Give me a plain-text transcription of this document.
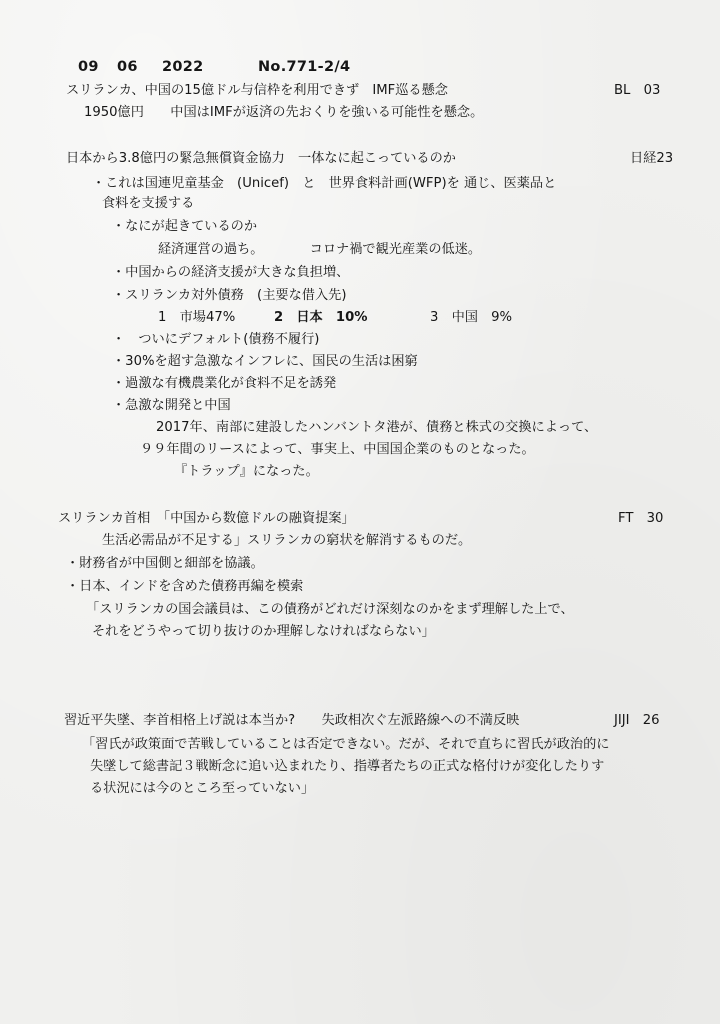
09 06 2022	No.771-2/4
スリランカ、中国の15億ドル与信枠を利用できず　IMF巡る懸念	BL　03
1950億円　　中国はIMFが返済の先おくりを強いる可能性を懸念。
日本から3.8億円の緊急無償資金協力　一体なに起こっているのか	日経23
・これは国連児童基金　(Unicef)　と　世界食料計画(WFP)を 通じ、医薬品と
食料を支援する
・なにが起きているのか
経済運営の過ち。　　　　コロナ禍で観光産業の低迷。
・中国からの経済支援が大きな負担増、
・スリランカ対外債務　(主要な借入先)
1　市場47%	2　日本　10%	3　中国　9%
・　ついにデフォルト(債務不履行)
・30%を超す急激なインフレに、国民の生活は困窮
・過激な有機農業化が食料不足を誘発
・急激な開発と中国
2017年、南部に建設したハンバントタ港が、債務と株式の交換によって、
９９年間のリースによって、事実上、中国国企業のものとなった。
『トラップ』になった。
スリランカ首相　「中国から数億ドルの融資提案」	FT　30
生活必需品が不足する」スリランカの窮状を解消するものだ。
・財務省が中国側と細部を協議。
・日本、インドを含めた債務再編を模索
「スリランカの国会議員は、この債務がどれだけ深刻なのかをまず理解した上で、
それをどうやって切り抜けのか理解しなければならない」
習近平失墜、李首相格上げ説は本当か?　　失政相次ぐ左派路線への不満反映	JIJI　26
「習氏が政策面で苦戦していることは否定できない。だが、それで直ちに習氏が政治的に
失墜して総書記３戦断念に追い込まれたり、指導者たちの正式な格付けが変化したりす
る状況には今のところ至っていない」
